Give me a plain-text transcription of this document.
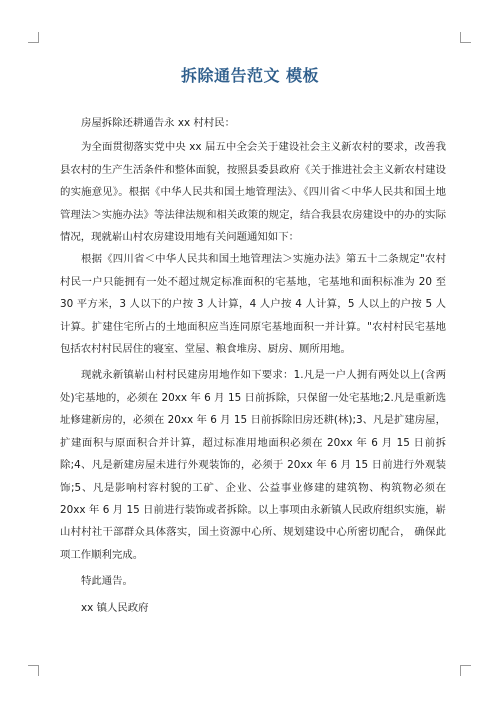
拆除通告范文 模板

房屋拆除还耕通告永 xx 村村民：

为全面贯彻落实党中央 xx 届五中全会关于建设社会主义新农村的要求，改善我县农村的生产生活条件和整体面貌，按照县委县政府《关于推进社会主义新农村建设的实施意见》。根据《中华人民共和国土地管理法》、《四川省＜中华人民共和国土地管理法＞实施办法》等法律法规和相关政策的规定，结合我县农房建设中的办的实际情况，现就崭山村农房建设用地有关问题通知如下：

根据《四川省＜中华人民共和国土地管理法＞实施办法》第五十二条规定"农村村民一户只能拥有一处不超过规定标准面积的宅基地，宅基地和面积标准为 20 至 30 平方米，3 人以下的户按 3 人计算，4 人户按 4 人计算，5 人以上的户按 5 人计算。扩建住宅所占的土地面积应当连同原宅基地面积一并计算。"农村村民宅基地包括农村村民居住的寝室、堂屋、粮食堆房、厨房、厕所用地。

现就永新镇崭山村村民建房用地作如下要求：1.凡是一户人拥有两处以上(含两处)宅基地的，必须在 20xx 年 6 月 15 日前拆除，只保留一处宅基地;2.凡是重新选址修建新房的，必须在 20xx 年 6 月 15 日前拆除旧房还耕(林);3、凡是扩建房屋，扩建面积与原面积合并计算，超过标准用地面积必须在 20xx 年 6 月 15 日前拆除;4、凡是新建房屋未进行外观装饰的，必须于 20xx 年 6 月 15 日前进行外观装饰;5、凡是影响村容村貌的工矿、企业、公益事业修建的建筑物、构筑物必须在 20xx 年 6 月 15 日前进行装饰或者拆除。以上事项由永新镇人民政府组织实施，崭山村村社干部群众具体落实，国土资源中心所、规划建设中心所密切配合， 确保此项工作顺利完成。

特此通告。

xx 镇人民政府
